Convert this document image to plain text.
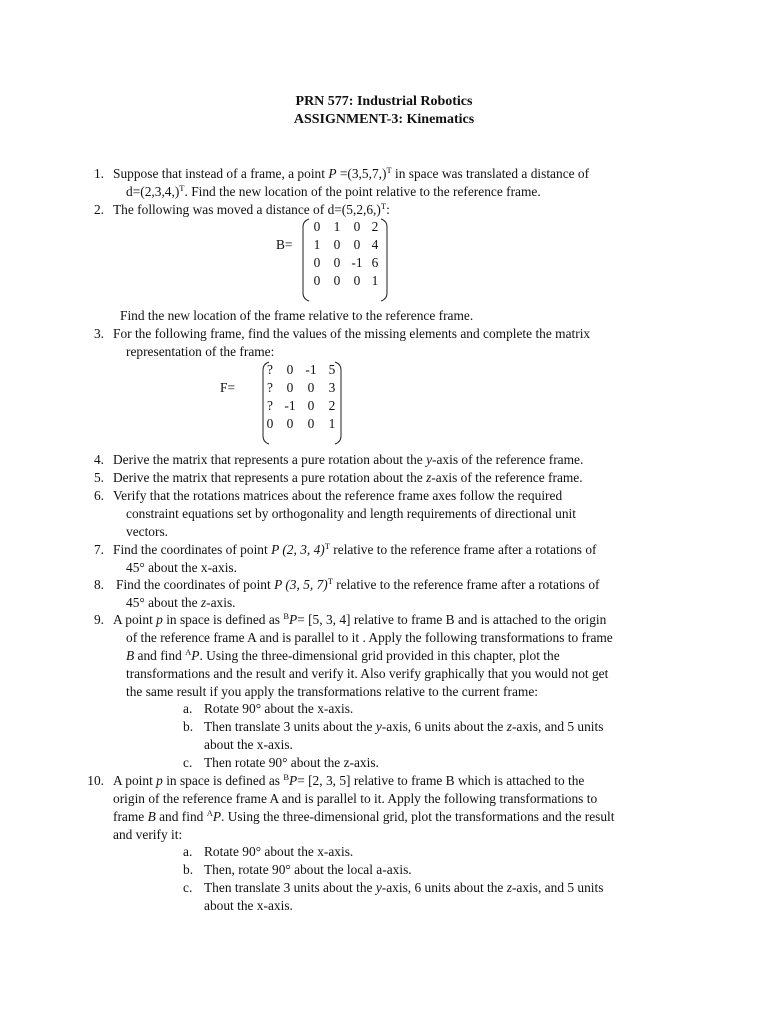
PRN 577: Industrial Robotics
ASSIGNMENT-3: Kinematics
1. Suppose that instead of a frame, a point $P =(3,5,7,)^T$ in space was translated a distance of
$d=(2,3,4,)^T$. Find the new location of the point relative to the reference frame.
2. The following was moved a distance of $d=(5,2,6,)^T$:
B=
0 1 0 2
1 0 0 4
0 0 -1 6
0 0 0 1
Find the new location of the frame relative to the reference frame.
3. For the following frame, find the values of the missing elements and complete the matrix
representation of the frame:
F=
?	0 -1 5
?	0	0	3
? -1 0	2
0 0	0	1
4. Derive the matrix that represents a pure rotation about the y-axis of the reference frame.
5. Derive the matrix that represents a pure rotation about the z-axis of the reference frame.
6. Verify that the rotations matrices about the reference frame axes follow the required
constraint equations set by orthogonality and length requirements of directional unit
vectors.
7. Find the coordinates of point P (2, 3, 4)$^T$ relative to the reference frame after a rotations of
45° about the x-axis.
8. Find the coordinates of point P (3, 5, 7)$^T$ relative to the reference frame after a rotations of
45° about the z-axis.
9. A point p in space is defined as $^B$P= [5, 3, 4] relative to frame B and is attached to the origin
of the reference frame A and is parallel to it . Apply the following transformations to frame
B and find $^A$P. Using the three-dimensional grid provided in this chapter, plot the
transformations and the result and verify it. Also verify graphically that you would not get
the same result if you apply the transformations relative to the current frame:
a. Rotate 90° about the x-axis.
b. Then translate 3 units about the y-axis, 6 units about the z-axis, and 5 units
about the x-axis.
c. Then rotate 90° about the z-axis.
10. A point p in space is defined as $^B$P= [2, 3, 5] relative to frame B which is attached to the
origin of the reference frame A and is parallel to it. Apply the following transformations to
frame B and find $^A$P. Using the three-dimensional grid, plot the transformations and the result
and verify it:
a. Rotate 90° about the x-axis.
b. Then, rotate 90° about the local a-axis.
c. Then translate 3 units about the y-axis, 6 units about the z-axis, and 5 units
about the x-axis.
